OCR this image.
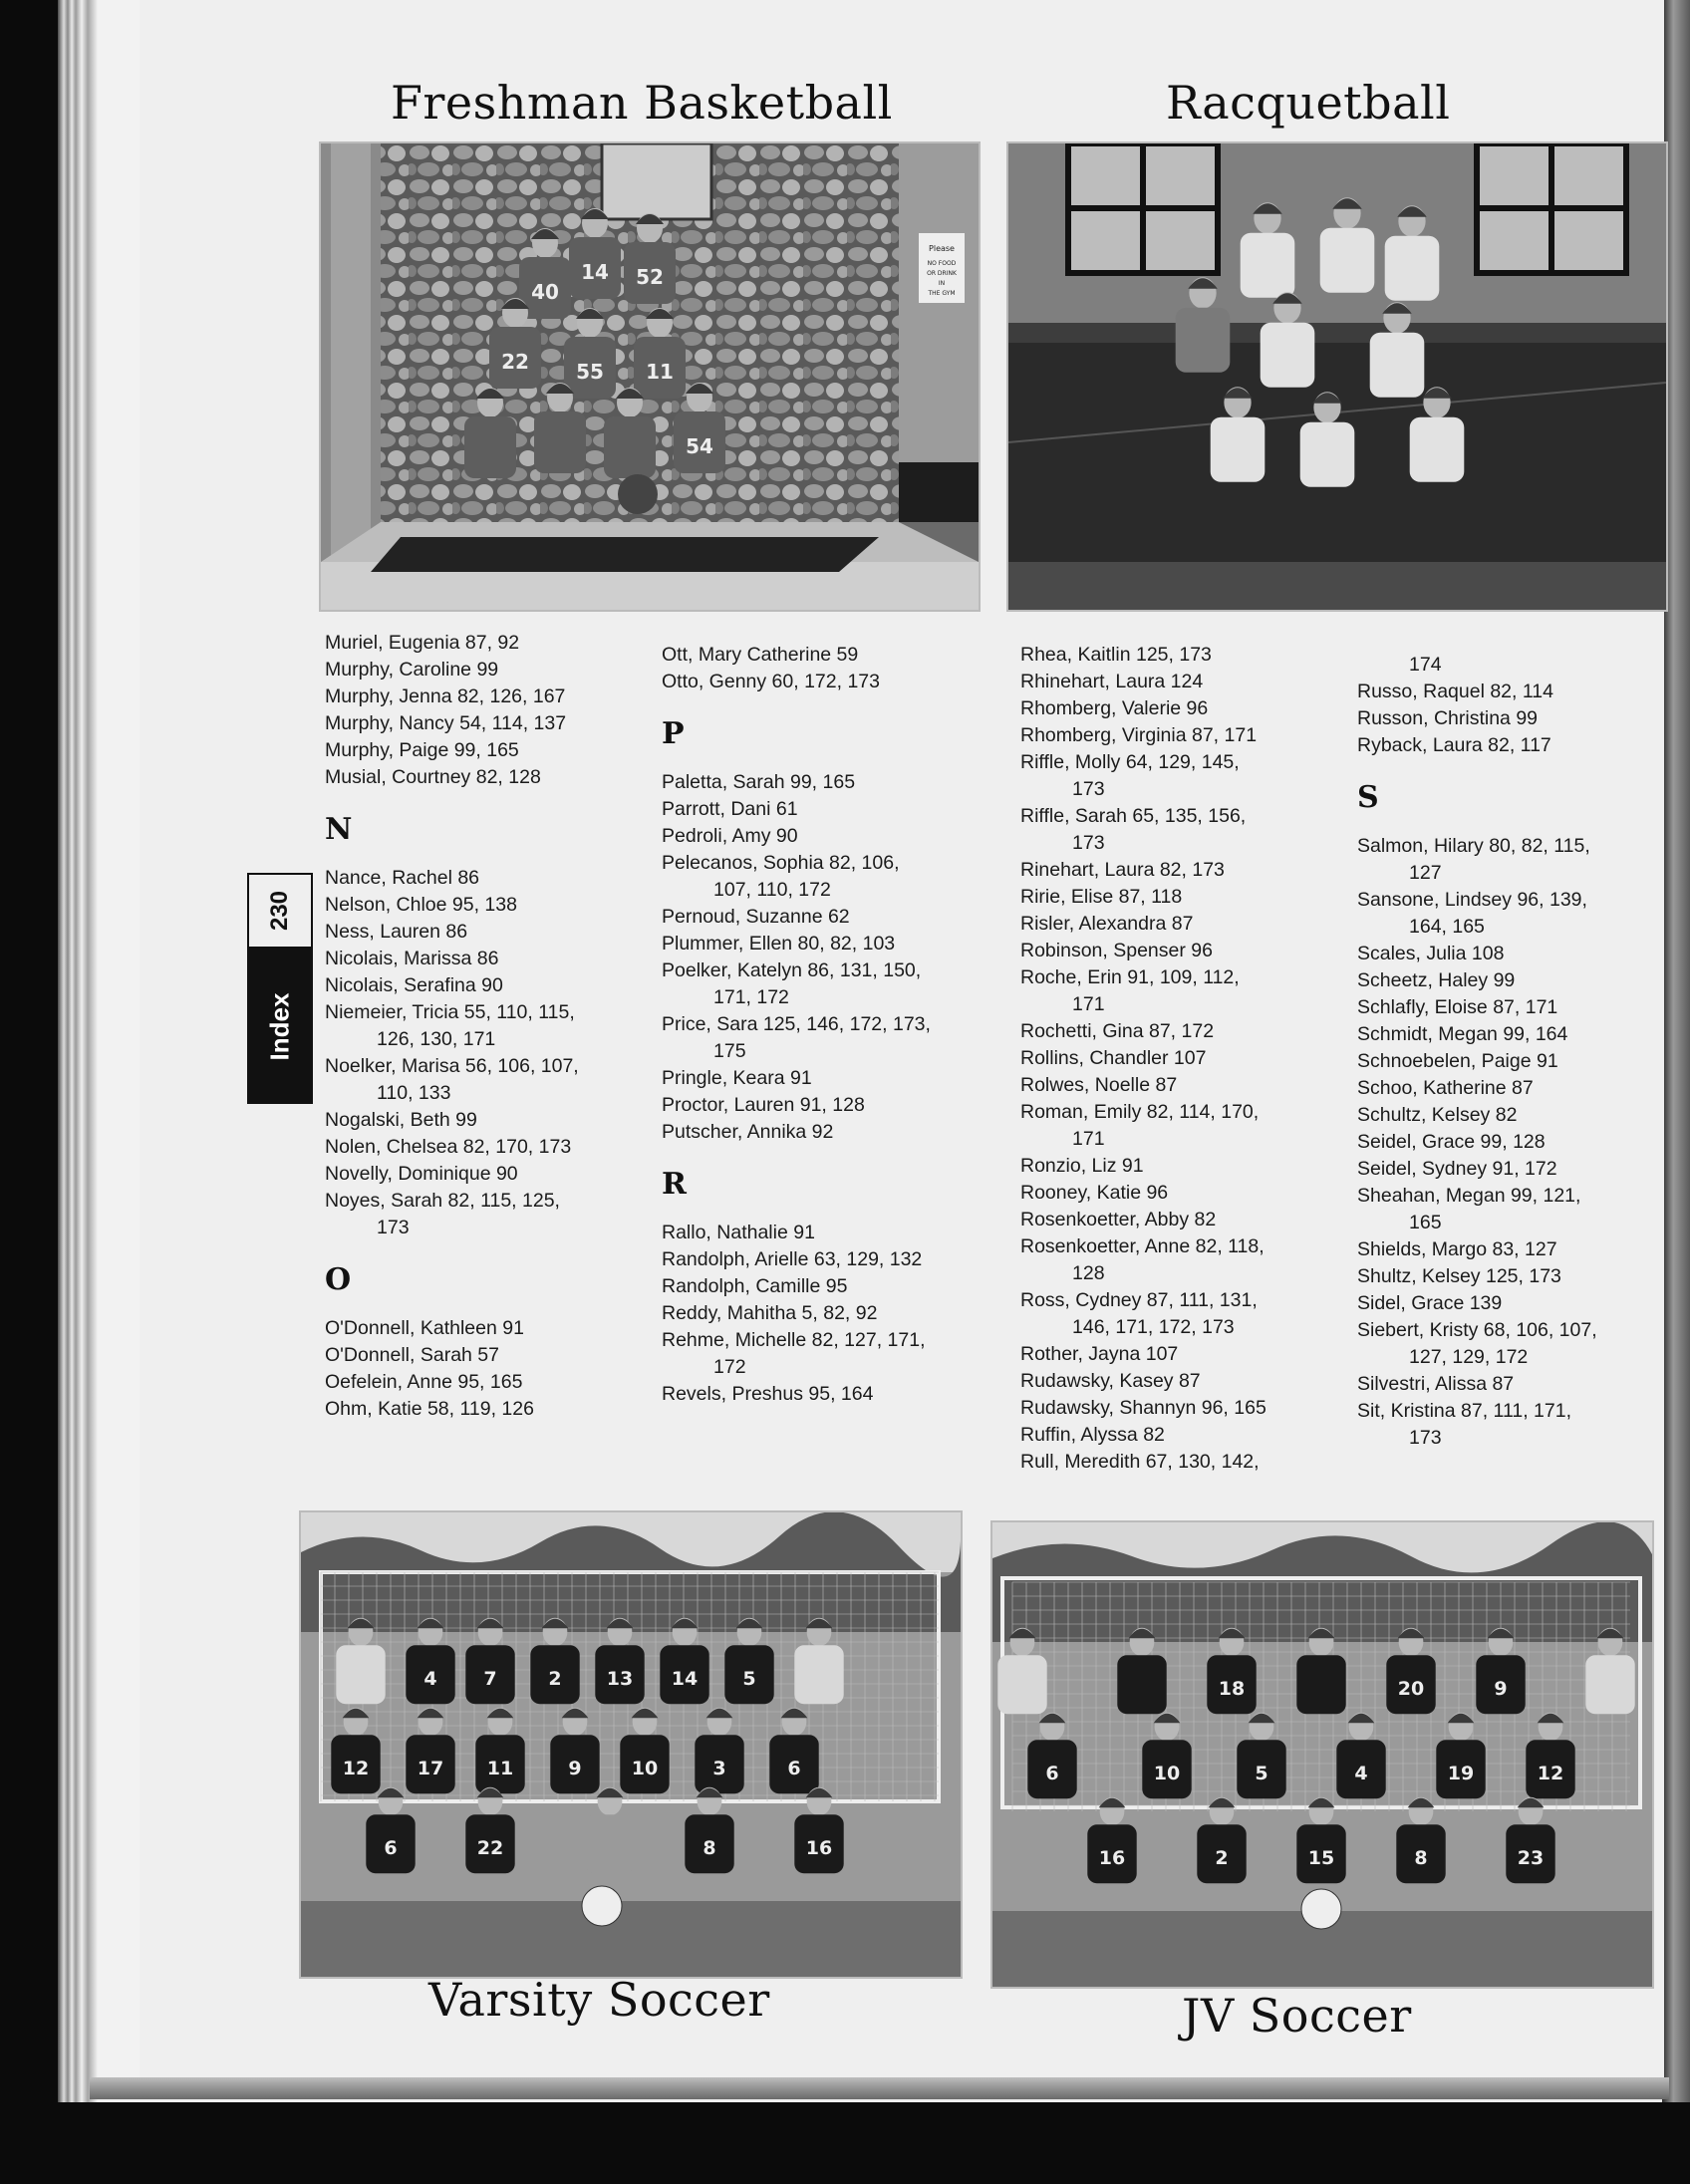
Freshman Basketball	Racquetball
Please
NO FOOD
OR DRINK
IN
THE GYM
40
14 52
22 55 11
54
230
Index
Muriel, Eugenia 87, 92
Murphy, Caroline 99
Murphy, Jenna 82, 126, 167
Murphy, Nancy 54, 114, 137
Murphy, Paige 99, 165
Musial, Courtney 82, 128
N
Nance, Rachel 86
Nelson, Chloe 95, 138
Ness, Lauren 86
Nicolais, Marissa 86
Nicolais, Serafina 90
Niemeier, Tricia 55, 110, 115,
126, 130, 171
Noelker, Marisa 56, 106, 107,
110, 133
Nogalski, Beth 99
Nolen, Chelsea 82, 170, 173
Novelly, Dominique 90
Noyes, Sarah 82, 115, 125,
173
O
O'Donnell, Kathleen 91
O'Donnell, Sarah 57
Oefelein, Anne 95, 165
Ohm, Katie 58, 119, 126
Ott, Mary Catherine 59
Otto, Genny 60, 172, 173
P
Paletta, Sarah 99, 165
Parrott, Dani 61
Pedroli, Amy 90
Pelecanos, Sophia 82, 106,
107, 110, 172
Pernoud, Suzanne 62
Plummer, Ellen 80, 82, 103
Poelker, Katelyn 86, 131, 150,
171, 172
Price, Sara 125, 146, 172, 173,
175
Pringle, Keara 91
Proctor, Lauren 91, 128
Putscher, Annika 92
R
Rallo, Nathalie 91
Randolph, Arielle 63, 129, 132
Randolph, Camille 95
Reddy, Mahitha 5, 82, 92
Rehme, Michelle 82, 127, 171,
172
Revels, Preshus 95, 164
Rhea, Kaitlin 125, 173
Rhinehart, Laura 124
Rhomberg, Valerie 96
Rhomberg, Virginia 87, 171
Riffle, Molly 64, 129, 145,
173
Riffle, Sarah 65, 135, 156,
173
Rinehart, Laura 82, 173
Ririe, Elise 87, 118
Risler, Alexandra 87
Robinson, Spenser 96
Roche, Erin 91, 109, 112,
171
Rochetti, Gina 87, 172
Rollins, Chandler 107
Rolwes, Noelle 87
Roman, Emily 82, 114, 170,
171
Ronzio, Liz 91
Rooney, Katie 96
Rosenkoetter, Abby 82
Rosenkoetter, Anne 82, 118,
128
Ross, Cydney 87, 111, 131,
146, 171, 172, 173
Rother, Jayna 107
Rudawsky, Kasey 87
Rudawsky, Shannyn 96, 165
Ruffin, Alyssa 82
Rull, Meredith 67, 130, 142,
174
Russo, Raquel 82, 114
Russon, Christina 99
Ryback, Laura 82, 117
S
Salmon, Hilary 80, 82, 115,
127
Sansone, Lindsey 96, 139,
164, 165
Scales, Julia 108
Scheetz, Haley 99
Schlafly, Eloise 87, 171
Schmidt, Megan 99, 164
Schnoebelen, Paige 91
Schoo, Katherine 87
Schultz, Kelsey 82
Seidel, Grace 99, 128
Seidel, Sydney 91, 172
Sheahan, Megan 99, 121,
165
Shields, Margo 83, 127
Shultz, Kelsey 125, 173
Sidel, Grace 139
Siebert, Kristy 68, 106, 107,
127, 129, 172
Silvestri, Alissa 87
Sit, Kristina 87, 111, 171,
173
4 7	2 13 14 5
12	17 11	9	10	3	6
6	22	8	16
18	20	9
6	10	5	4	19	12
16	2	15	8	23
Varsity Soccer	JV Soccer
